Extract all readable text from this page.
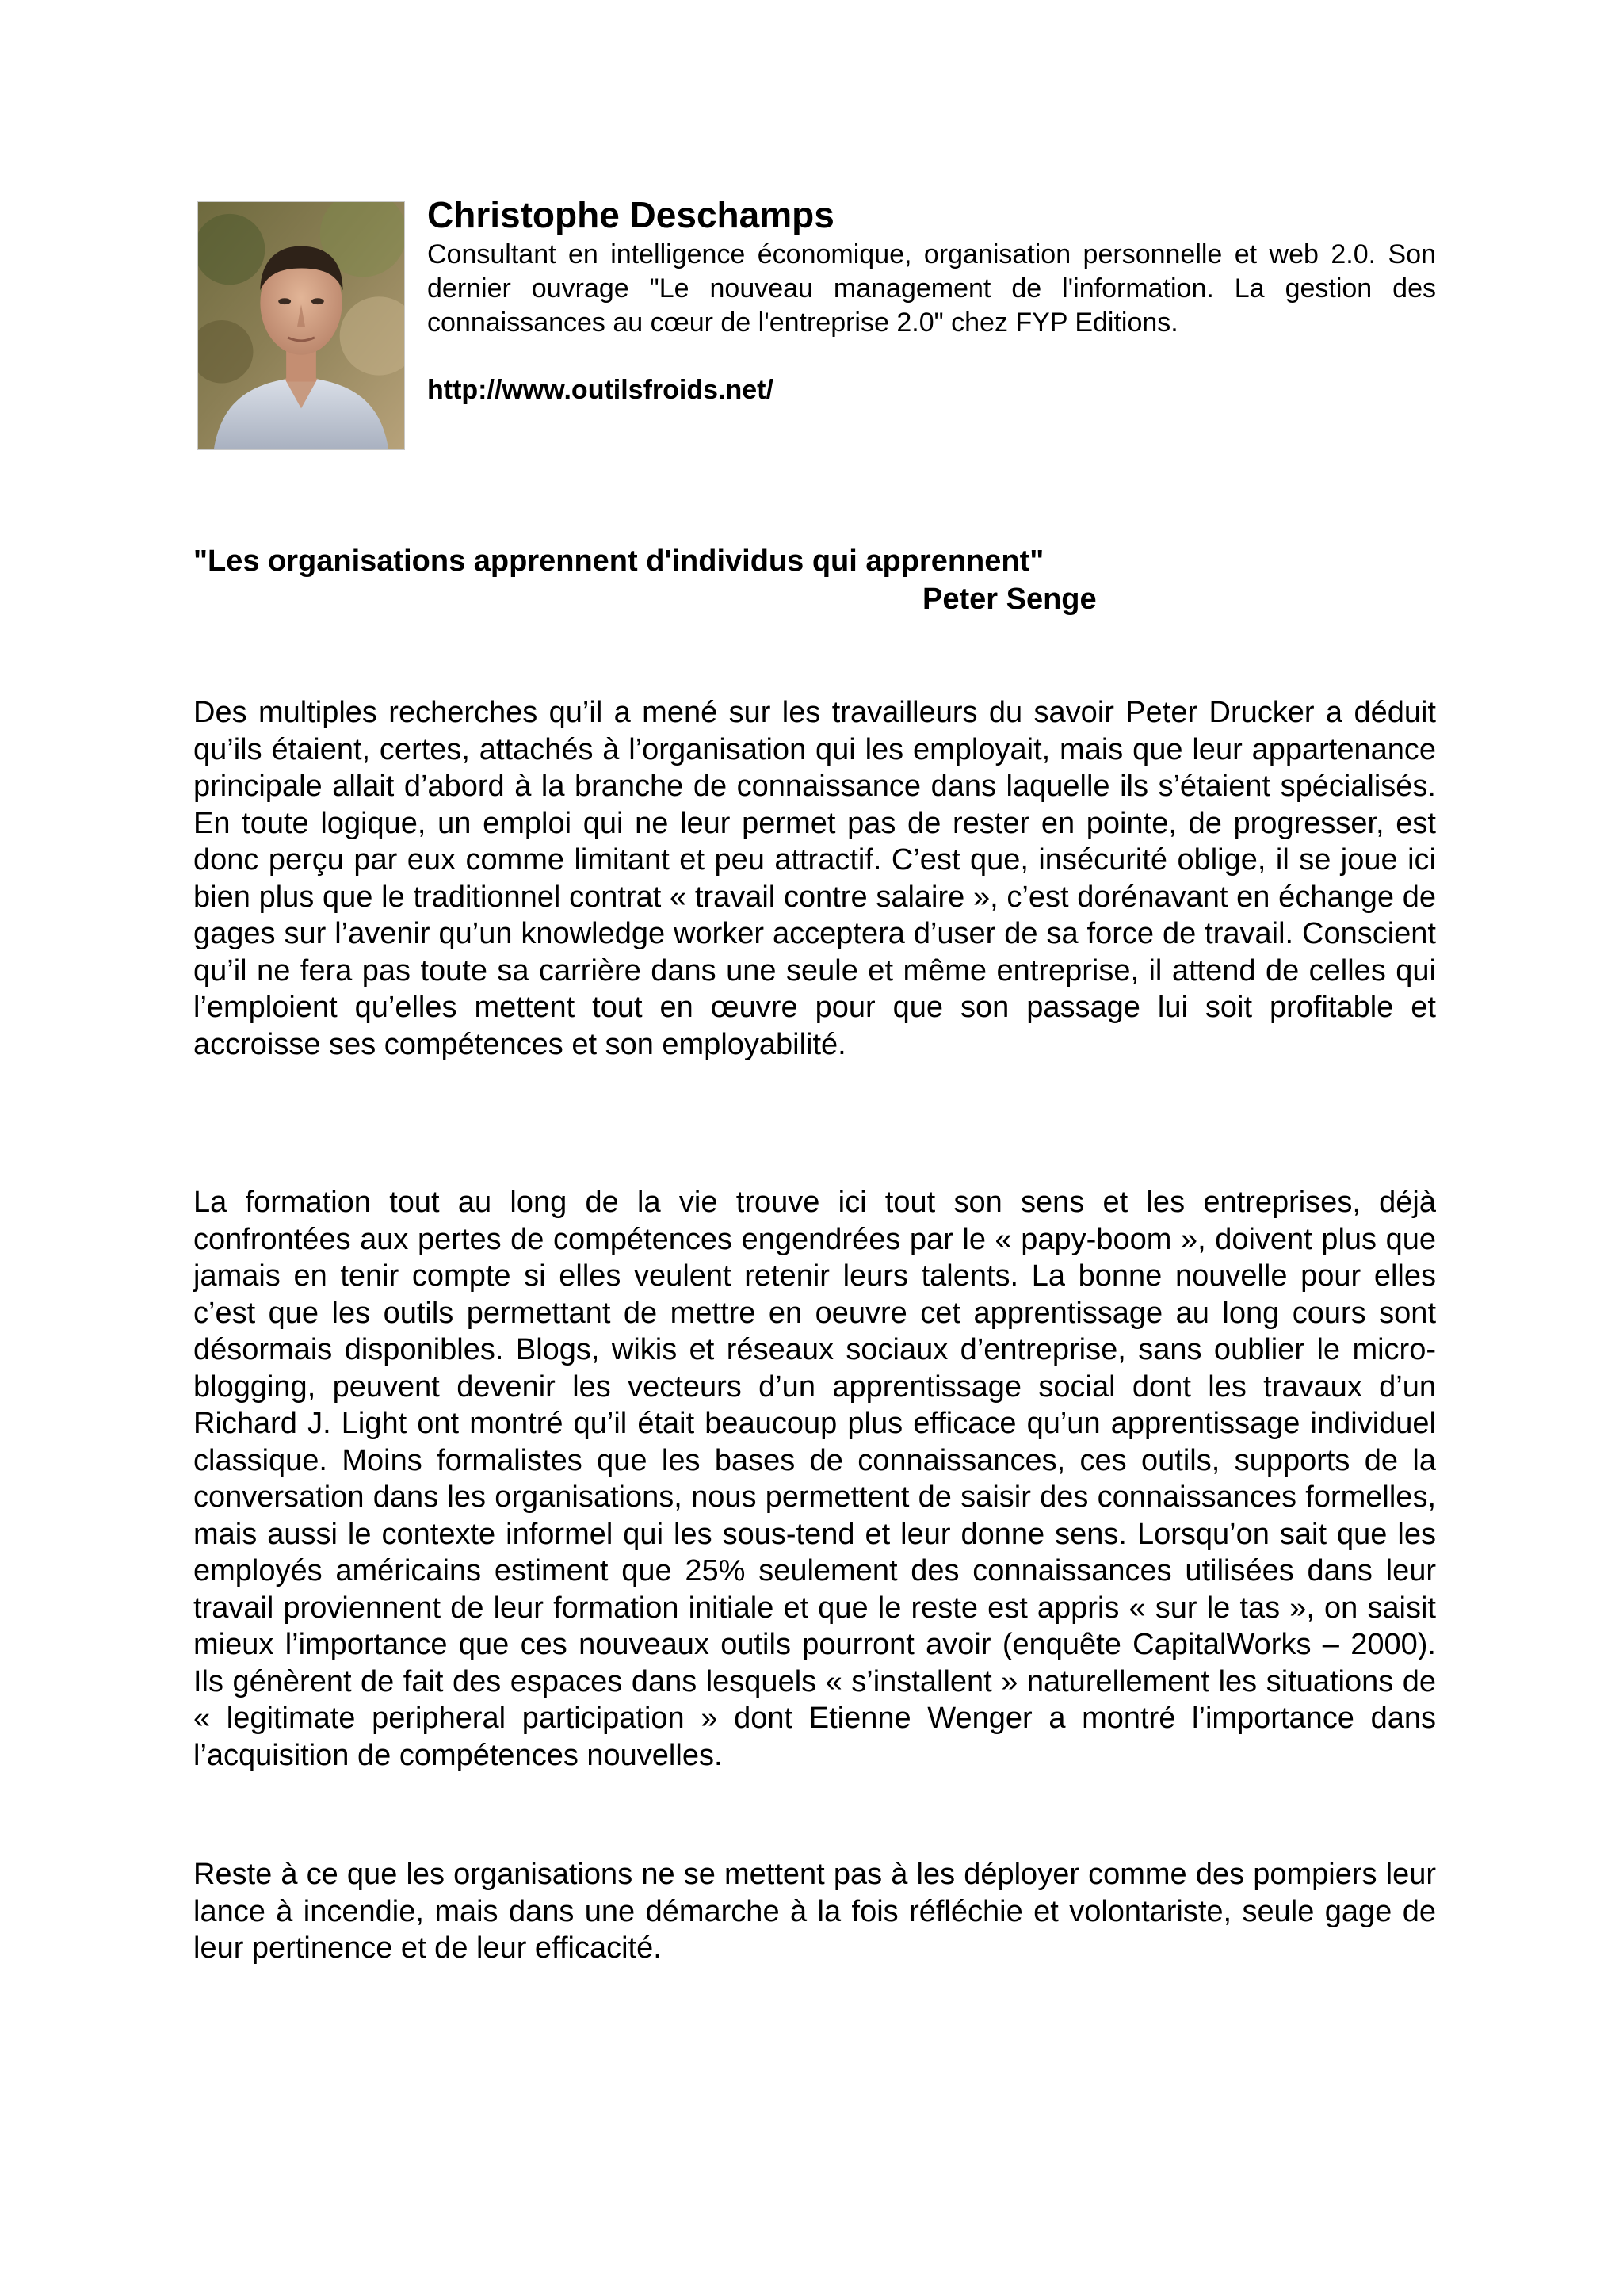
Christophe Deschamps

Consultant en intelligence économique, organisation personnelle et web 2.0. Son dernier ouvrage "Le nouveau management de l'information. La gestion des connaissances au cœur de l'entreprise 2.0" chez FYP Editions.

http://www.outilsfroids.net/

"Les organisations apprennent d'individus qui apprennent"

Peter Senge

Des multiples recherches qu’il a mené sur les travailleurs du savoir Peter Drucker a déduit qu’ils étaient, certes, attachés à l’organisation qui les employait, mais que leur appartenance principale allait d’abord à la branche de connaissance dans laquelle ils s’étaient spécialisés. En toute logique, un emploi qui ne leur permet pas de rester en pointe, de progresser, est donc perçu par eux comme limitant et peu attractif. C’est que, insécurité oblige, il se joue ici bien plus que le traditionnel contrat « travail contre salaire », c’est dorénavant en échange de gages sur l’avenir qu’un knowledge worker acceptera d’user de sa force de travail. Conscient qu’il ne fera pas toute sa carrière dans une seule et même entreprise, il attend de celles qui l’emploient qu’elles mettent tout en œuvre pour que son passage lui soit profitable et accroisse ses compétences et son employabilité.

La formation tout au long de la vie trouve ici tout son sens et les entreprises, déjà confrontées aux pertes de compétences engendrées par le « papy-boom », doivent plus que jamais en tenir compte si elles veulent retenir leurs talents. La bonne nouvelle pour elles c’est que les outils permettant de mettre en oeuvre cet apprentissage au long cours sont désormais disponibles. Blogs, wikis et réseaux sociaux d’entreprise, sans oublier le micro-blogging, peuvent devenir les vecteurs d’un apprentissage social dont les travaux d’un Richard J. Light ont montré qu’il était beaucoup plus efficace qu’un apprentissage individuel classique. Moins formalistes que les bases de connaissances, ces outils, supports de la conversation dans les organisations, nous permettent de saisir des connaissances formelles, mais aussi le contexte informel qui les sous-tend et leur donne sens. Lorsqu’on sait que les employés américains estiment que 25% seulement des connaissances utilisées dans leur travail proviennent de leur formation initiale et que le reste est appris « sur le tas », on saisit mieux l’importance que ces nouveaux outils pourront avoir (enquête CapitalWorks – 2000). Ils génèrent de fait des espaces dans lesquels « s’installent » naturellement les situations de « legitimate peripheral participation » dont Etienne Wenger a montré l’importance dans l’acquisition de compétences nouvelles.

Reste à ce que les organisations ne se mettent pas à les déployer comme des pompiers leur lance à incendie, mais dans une démarche à la fois réfléchie et volontariste, seule gage de leur pertinence et de leur efficacité.
